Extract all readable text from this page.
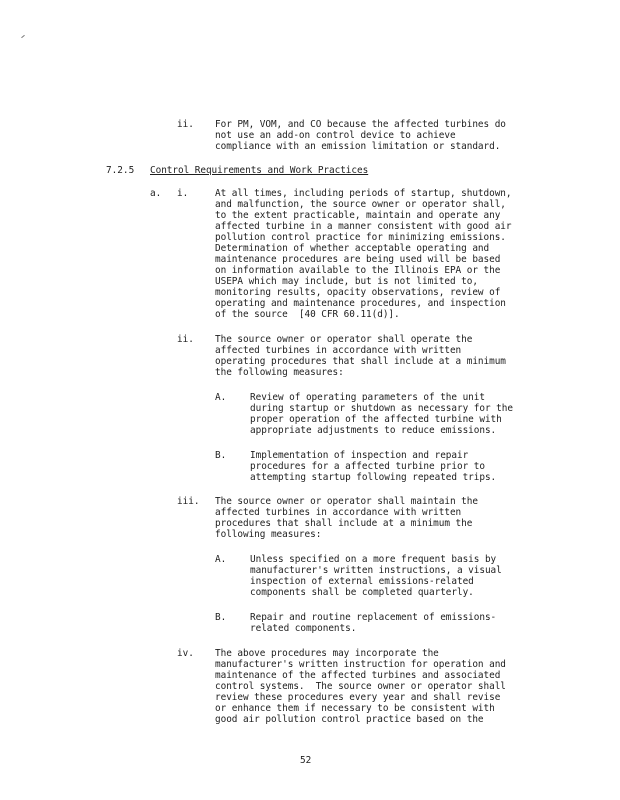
ii. For PM, VOM, and CO because the affected turbines do
not use an add-on control device to achieve
compliance with an emission limitation or standard.
7.2.5 Control Requirements and Work Practices
a. i.	At all times, including periods of startup, shutdown,
and malfunction, the source owner or operator shall,
to the extent practicable, maintain and operate any
affected turbine in a manner consistent with good air
pollution control practice for minimizing emissions.
Determination of whether acceptable operating and
maintenance procedures are being used will be based
on information available to the Illinois EPA or the
USEPA which may include, but is not limited to,
monitoring results, opacity observations, review of
operating and maintenance procedures, and inspection
of the source  [40 CFR 60.11(d)].
ii. The source owner or operator shall operate the
affected turbines in accordance with written
operating procedures that shall include at a minimum
the following measures:
A.	Review of operating parameters of the unit
during startup or shutdown as necessary for the
proper operation of the affected turbine with
appropriate adjustments to reduce emissions.
B.	Implementation of inspection and repair
procedures for a affected turbine prior to
attempting startup following repeated trips.
iii. The source owner or operator shall maintain the
affected turbines in accordance with written
procedures that shall include at a minimum the
following measures:
A.	Unless specified on a more frequent basis by
manufacturer's written instructions, a visual
inspection of external emissions-related
components shall be completed quarterly.
B.	Repair and routine replacement of emissions-
related components.
iv. The above procedures may incorporate the
manufacturer's written instruction for operation and
maintenance of the affected turbines and associated
control systems.  The source owner or operator shall
review these procedures every year and shall revise
or enhance them if necessary to be consistent with
good air pollution control practice based on the
52
